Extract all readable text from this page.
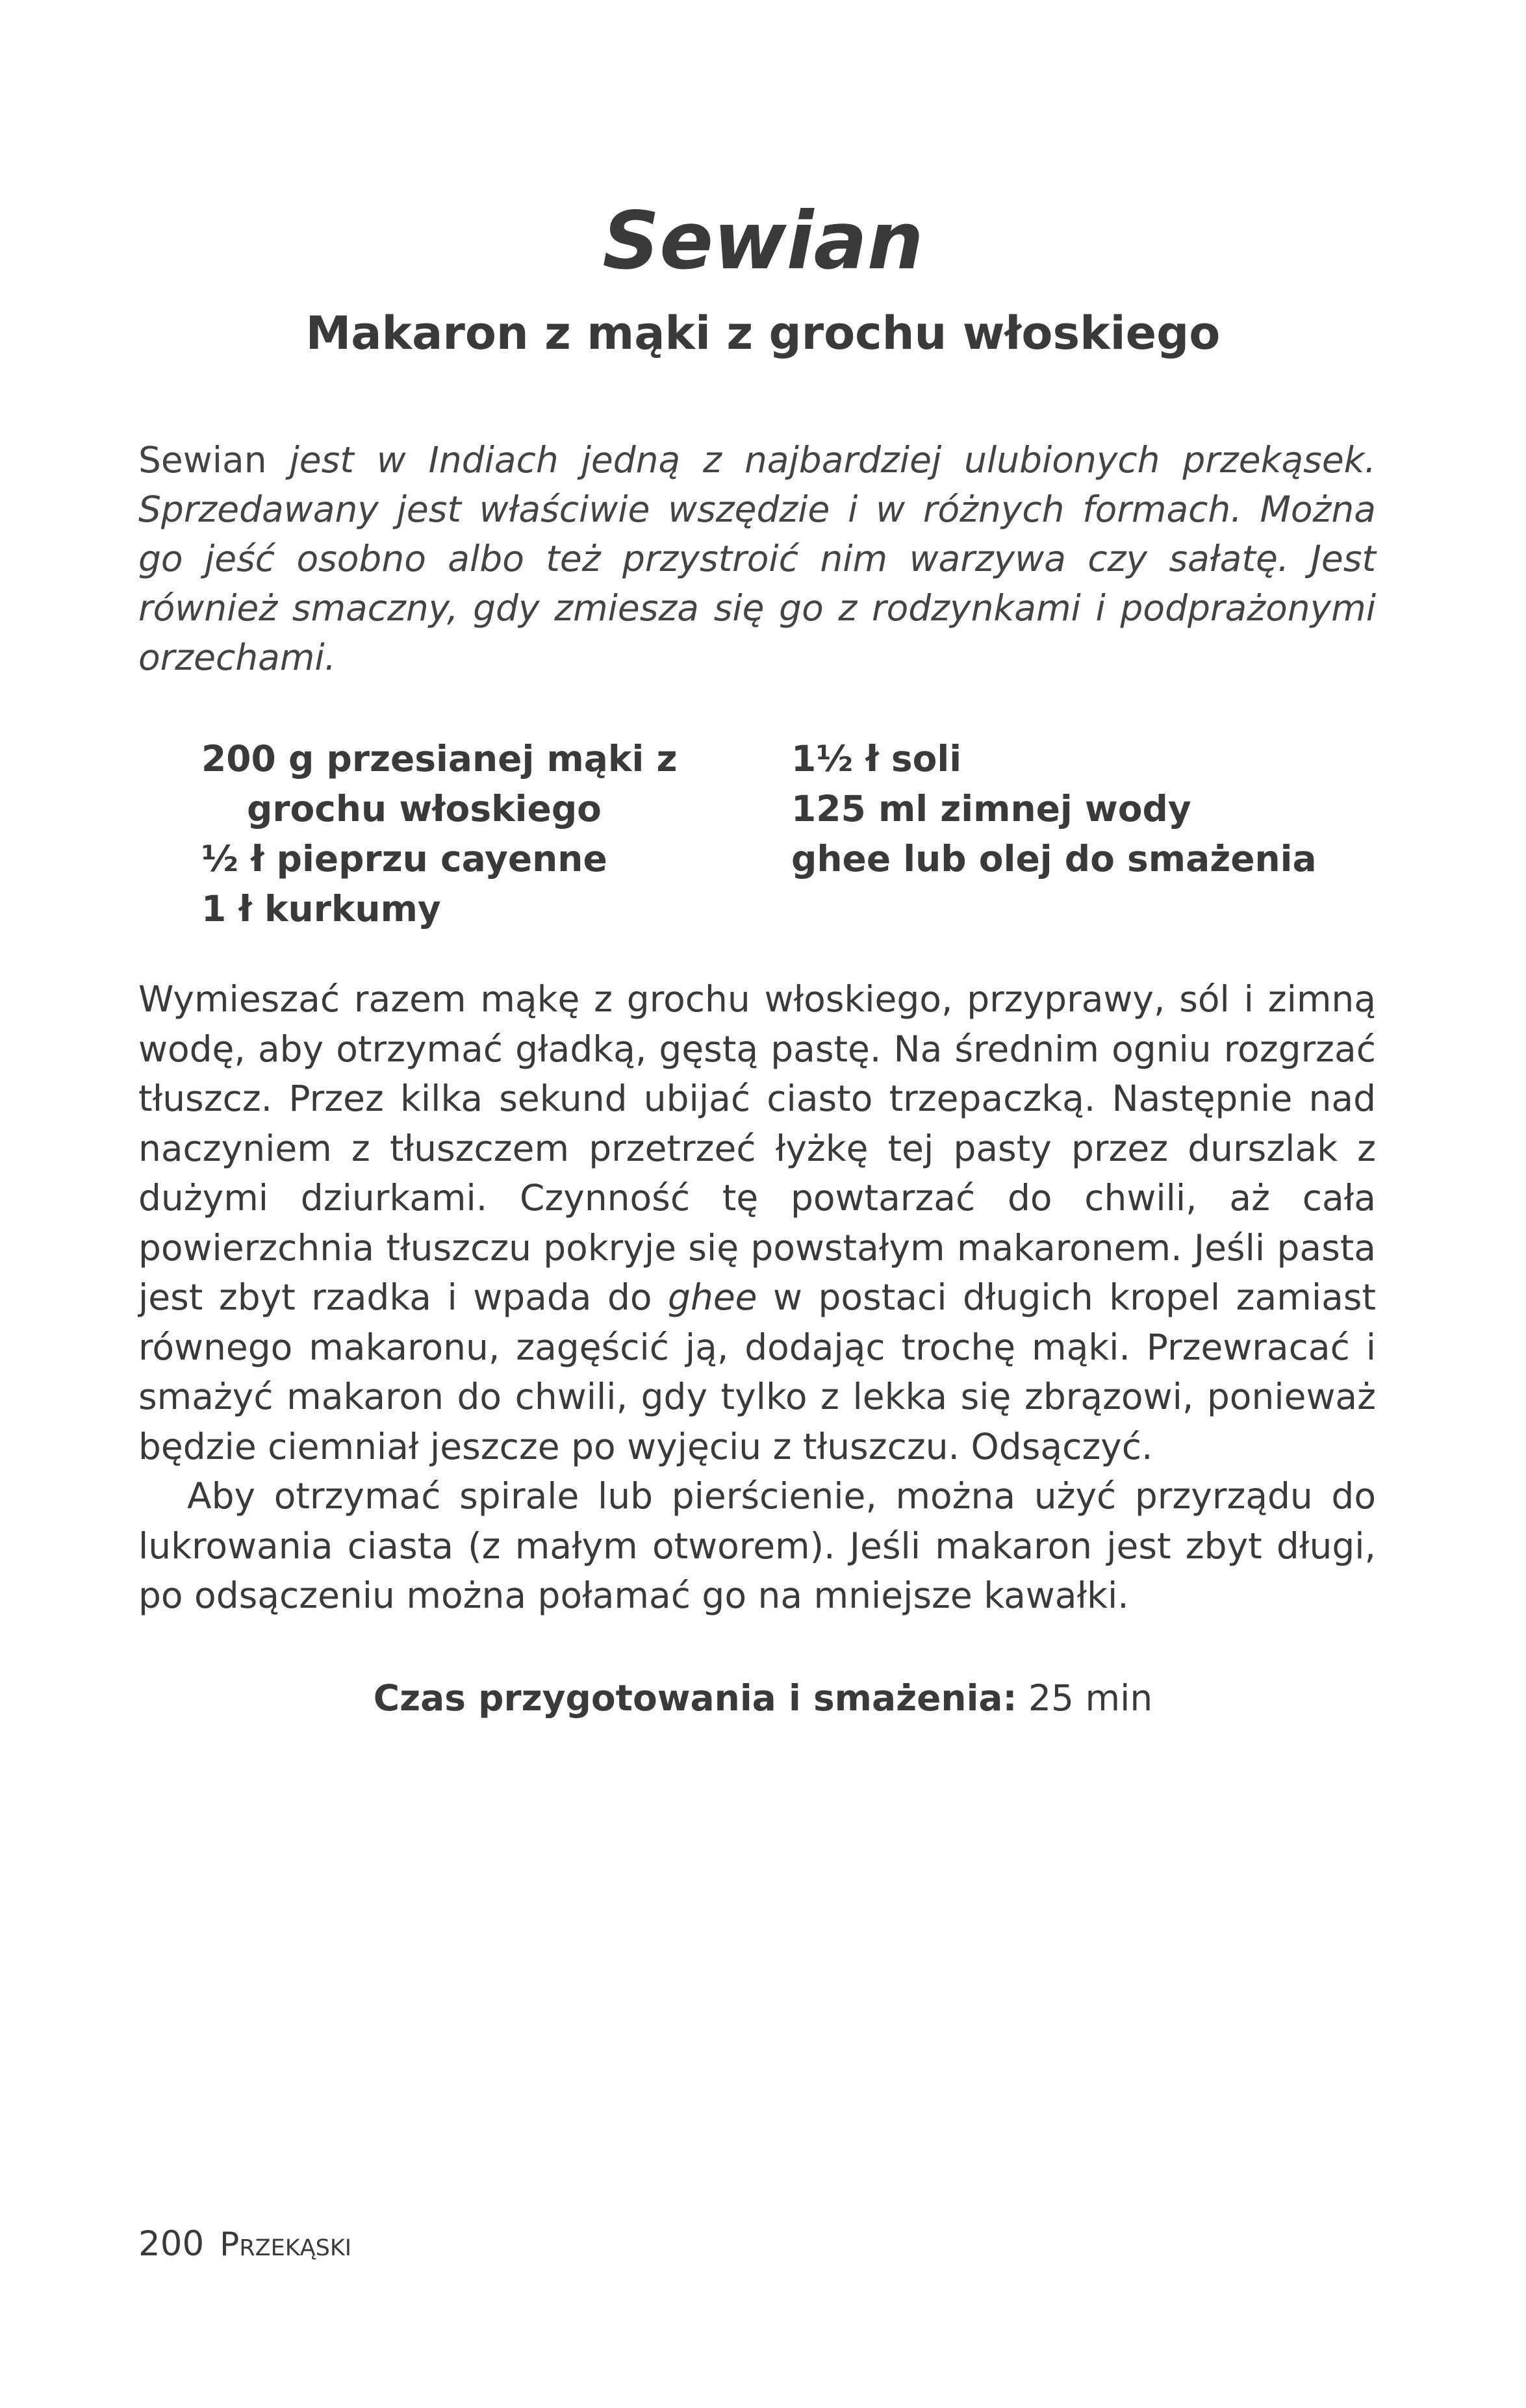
Sewian
Makaron z mąki z grochu włoskiego

Sewian jest w Indiach jedną z najbardziej ulubionych przekąsek. Sprzedawany jest właściwie wszędzie i w różnych formach. Można go jeść osobno albo też przystroić nim warzywa czy sałatę. Jest również smaczny, gdy zmiesza się go z rodzynkami i podprażonymi orzechami.

200 g przesianej mąki z grochu włoskiego
½ ł pieprzu cayenne
1 ł kurkumy
1½ ł soli
125 ml zimnej wody
ghee lub olej do smażenia

Wymieszać razem mąkę z grochu włoskiego, przyprawy, sól i zimną wodę, aby otrzymać gładką, gęstą pastę. Na średnim ogniu rozgrzać tłuszcz. Przez kilka sekund ubijać ciasto trzepaczką. Następnie nad naczyniem z tłuszczem przetrzeć łyżkę tej pasty przez durszlak z dużymi dziurkami. Czynność tę powtarzać do chwili, aż cała powierzchnia tłuszczu pokryje się powstałym makaronem. Jeśli pasta jest zbyt rzadka i wpada do ghee w postaci długich kropel zamiast równego makaronu, zagęścić ją, dodając trochę mąki. Przewracać i smażyć makaron do chwili, gdy tylko z lekka się zbrązowi, ponieważ będzie ciemniał jeszcze po wyjęciu z tłuszczu. Odsączyć.

Aby otrzymać spirale lub pierścienie, można użyć przyrządu do lukrowania ciasta (z małym otworem). Jeśli makaron jest zbyt długi, po odsączeniu można połamać go na mniejsze kawałki.

Czas przygotowania i smażenia: 25 min

200 Przekąski
